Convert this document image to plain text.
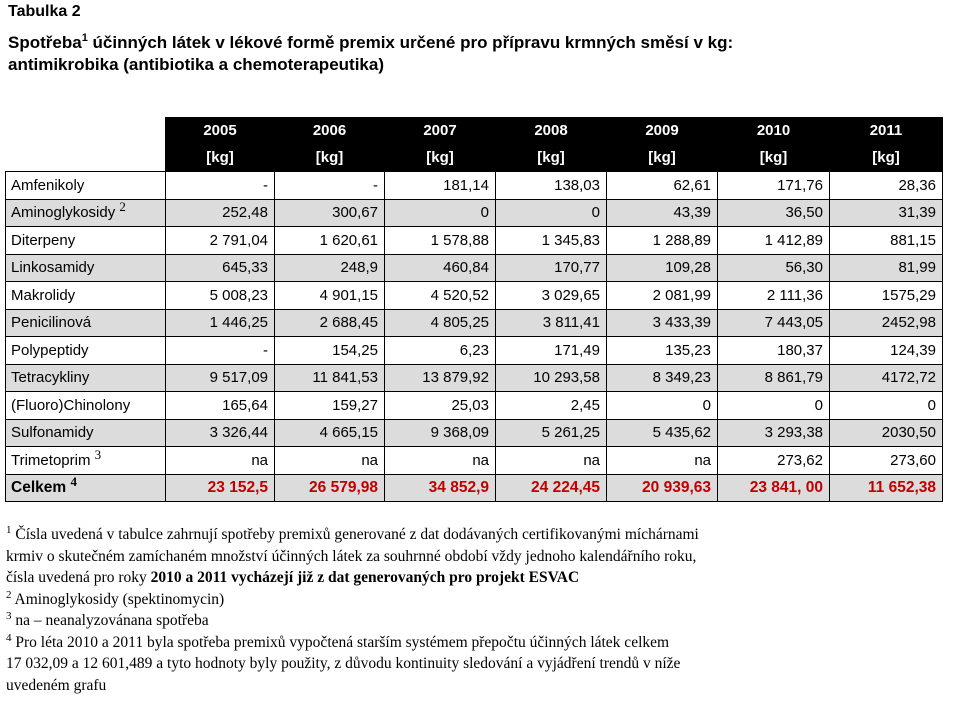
Tabulka 2
Spotřeba$^1$ účinných látek v lékové formě premix určené pro přípravu krmných směsí v kg:
antimikrobika (antibiotika a chemoterapeutika)
	2005	2006	2007	2008	2009	2010	2011
	[kg]	[kg]	[kg]	[kg]	[kg]	[kg]	[kg]
Amfenikoly	-	-	181,14	138,03	62,61	171,76	28,36
Aminoglykosidy $^2$	252,48	300,67	0	0	43,39	36,50	31,39
Diterpeny	2 791,04	1 620,61	1 578,88	1 345,83	1 288,89	1 412,89	881,15
Linkosamidy	645,33	248,9	460,84	170,77	109,28	56,30	81,99
Makrolidy	5 008,23	4 901,15	4 520,52	3 029,65	2 081,99	2 111,36	1575,29
Penicilinová	1 446,25	2 688,45	4 805,25	3 811,41	3 433,39	7 443,05	2452,98
Polypeptidy	-	154,25	6,23	171,49	135,23	180,37	124,39
Tetracykliny	9 517,09	11 841,53	13 879,92	10 293,58	8 349,23	8 861,79	4172,72
(Fluoro)Chinolony	165,64	159,27	25,03	2,45	0	0	0
Sulfonamidy	3 326,44	4 665,15	9 368,09	5 261,25	5 435,62	3 293,38	2030,50
Trimetoprim $^3$	na	na	na	na	na	273,62	273,60
Celkem $^4$	23 152,5	26 579,98	34 852,9	24 224,45	20 939,63	23 841, 00	11 652,38

$^1$ Čísla uvedená v tabulce zahrnují spotřeby premixů generované z dat dodávaných certifikovanými míchárnami

krmiv o skutečném zamíchaném množství účinných látek za souhrnné období vždy jednoho kalendářního roku,

čísla uvedená pro roky 2010 a 2011 vycházejí již z dat generovaných pro projekt ESVAC

$^2$ Aminoglykosidy (spektinomycin)

$^3$ na – neanalyzovánana spotřeba

$^4$ Pro léta 2010 a 2011 byla spotřeba premixů vypočtená starším systémem přepočtu účinných látek celkem

17 032,09 a 12 601,489 a tyto hodnoty byly použity, z důvodu kontinuity sledování a vyjádření trendů v níže

uvedeném grafu
